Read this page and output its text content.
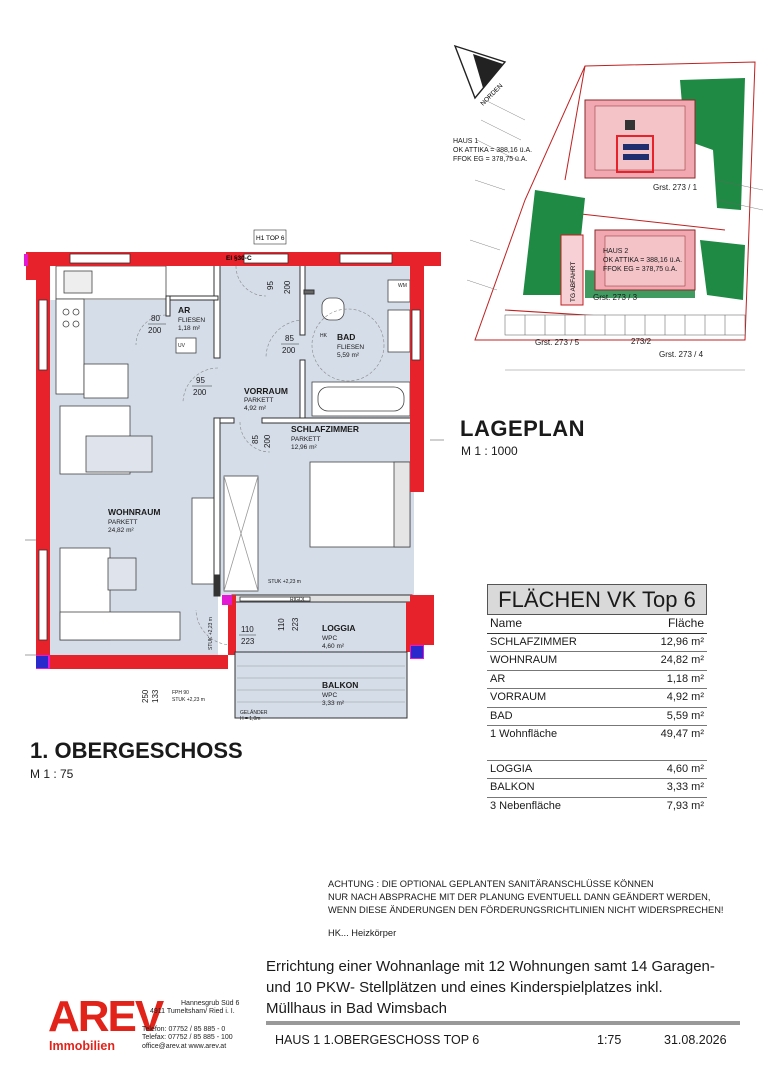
H1 TOP 6
EI §30-C
AR
FLIESEN
1,18 m²
BAD
FLIESEN
5,59 m²
VORRAUM
PARKETT
4,92 m²
SCHLAFZIMMER
PARKETT
12,96 m²
WOHNRAUM
PARKETT
24,82 m²
LOGGIA
WPC
4,60 m²
BALKON
WPC
3,33 m²
80
200
95
200
85
200
95 200
85 200
110
223
110 223
250 133
STUK +2,23 m
STUK +2,23 m
FPH 90
STUK +2,23 m
GELÄNDER
H = 1,0m
RIGOL
HK
UV
WM
NORDEN
TG ABFAHRT
HAUS 1
OK ATTIKA = 388,16 ü.A.
FFOK EG = 378,75 ü.A.
HAUS 2
OK ATTIKA = 388,16 ü.A.
FFOK EG = 378,75 ü.A.
Grst. 273 / 1
Grst. 273 / 3
Grst. 273 / 5
Grst. 273 / 4
273/2
LAGEPLAN
M 1 : 1000
1. OBERGESCHOSS
M 1 : 75
FLÄCHEN VK Top 6
Name	Fläche
SCHLAFZIMMER	12,96 m²
WOHNRAUM	24,82 m²
AR	1,18 m²
VORRAUM	4,92 m²
BAD	5,59 m²
1 Wohnfläche	49,47 m²
LOGGIA	4,60 m²
BALKON	3,33 m²
3 Nebenfläche	7,93 m²
ACHTUNG : DIE OPTIONAL GEPLANTEN SANITÄRANSCHLÜSSE KÖNNEN
NUR NACH ABSPRACHE MIT DER PLANUNG EVENTUELL DANN GEÄNDERT WERDEN,
WENN DIESE ÄNDERUNGEN DEN FÖRDERUNGSRICHTLINIEN NICHT WIDERSPRECHEN!
HK... Heizkörper
Errichtung einer Wohnanlage mit 12 Wohnungen samt 14 Garagen-
und 10 PKW- Stellplätzen und eines Kinderspielplatzes inkl.
Müllhaus in Bad Wimsbach
HAUS 1 1.OBERGESCHOSS TOP 6	1:75	31.08.2026
AREV
Immobilien
Hannesgrub Süd 6
4911 Tumeltsham/ Ried i. I.
Telefon: 07752 / 85 885 - 0
Telefax: 07752 / 85 885 - 100
office@arev.at www.arev.at
